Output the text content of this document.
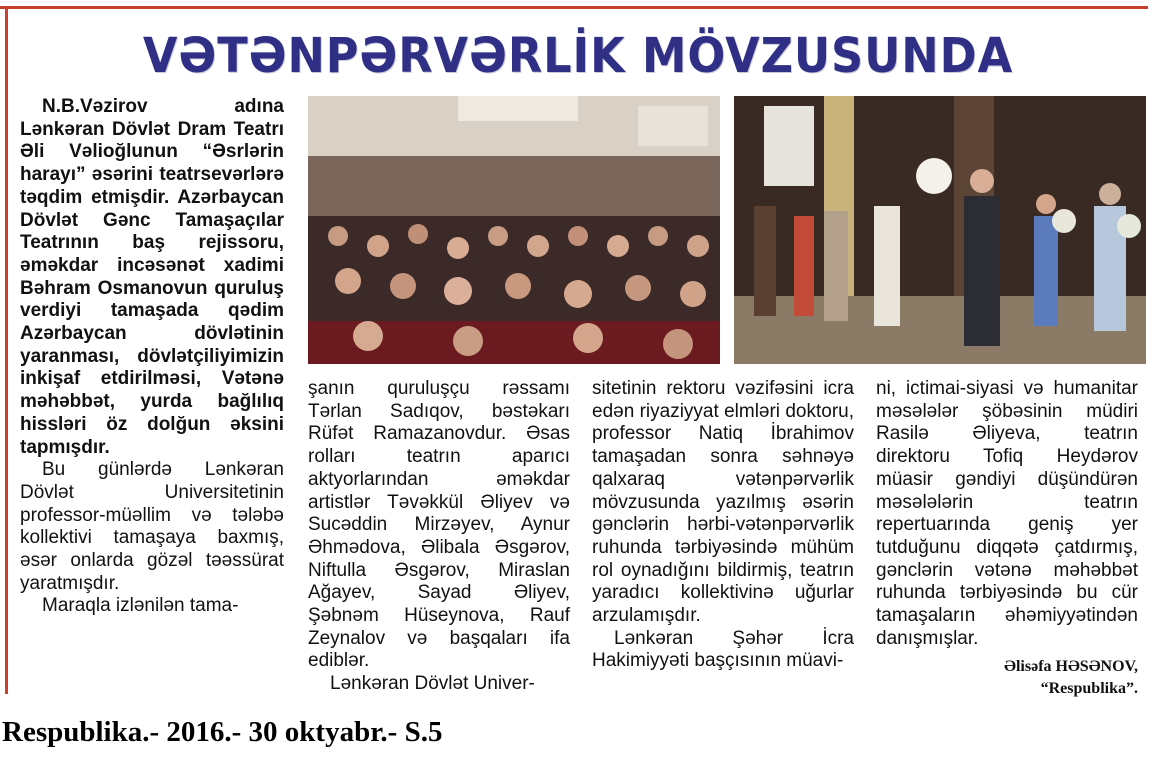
VƏTƏNPƏRVƏRLİK MÖVZUSUNDA

N.B.Vəzirov adına Lənkəran Dövlət Dram Teatrı Əli Vəlioğlunun “Əsrlərin harayı” əsərini teatrsevərlərə təqdim etmişdir. Azərbaycan Dövlət Gənc Tamaşaçılar Teatrının baş rejissoru, əməkdar incəsənət xadimi Bəhram Osmanovun quruluş verdiyi tamaşada qədim Azərbaycan dövlətinin yaranması, dövlətçiliyimizin inkişaf etdirilməsi, Vətənə məhəbbət, yurda bağlılıq hissləri öz dolğun əksini tapmışdır.

Bu günlərdə Lənkəran Dövlət Universitetinin professor-müəllim və tələbə kollektivi tamaşaya baxmış, əsər onlarda gözəl təəssürat yaratmışdır.

Maraqla izlənilən tama-

şanın quruluşçu rəssamı Tərlan Sadıqov, bəstəkarı Rüfət Ramazanovdur. Əsas rolları teatrın aparıcı aktyorlarından əməkdar artistlər Təvəkkül Əliyev və Sucəddin Mirzəyev, Aynur Əhmədova, Əlibala Əsgərov, Niftulla Əsgərov, Miraslan Ağayev, Sayad Əliyev, Şəbnəm Hüseynova, Rauf Zeynalov və başqaları ifa ediblər.

Lənkəran Dövlət Univer-

sitetinin rektoru vəzifəsini icra edən riyaziyyat elmləri doktoru, professor Natiq İbrahimov tamaşadan sonra səhnəyə qalxaraq vətənpərvərlik mövzusunda yazılmış əsərin gənclərin hərbi-vətənpərvərlik ruhunda tərbiyəsində mühüm rol oynadığını bildirmiş, teatrın yaradıcı kollektivinə uğurlar arzulamışdır.

Lənkəran Şəhər İcra Hakimiyyəti başçısının müavi-

ni, ictimai-siyasi və humanitar məsələlər şöbəsinin müdiri Rasilə Əliyeva, teatrın direktoru Tofiq Heydərov müasir gəndiyi düşündürən məsələlərin teatrın repertuarında geniş yer tutduğunu diqqətə çatdırmış, gənclərin vətənə məhəbbət ruhunda tərbiyəsində bu cür tamaşaların əhəmiyyətindən danışmışlar.

Əlisəfa HƏSƏNOV,
“Respublika”.
Respublika.- 2016.- 30 oktyabr.- S.5
